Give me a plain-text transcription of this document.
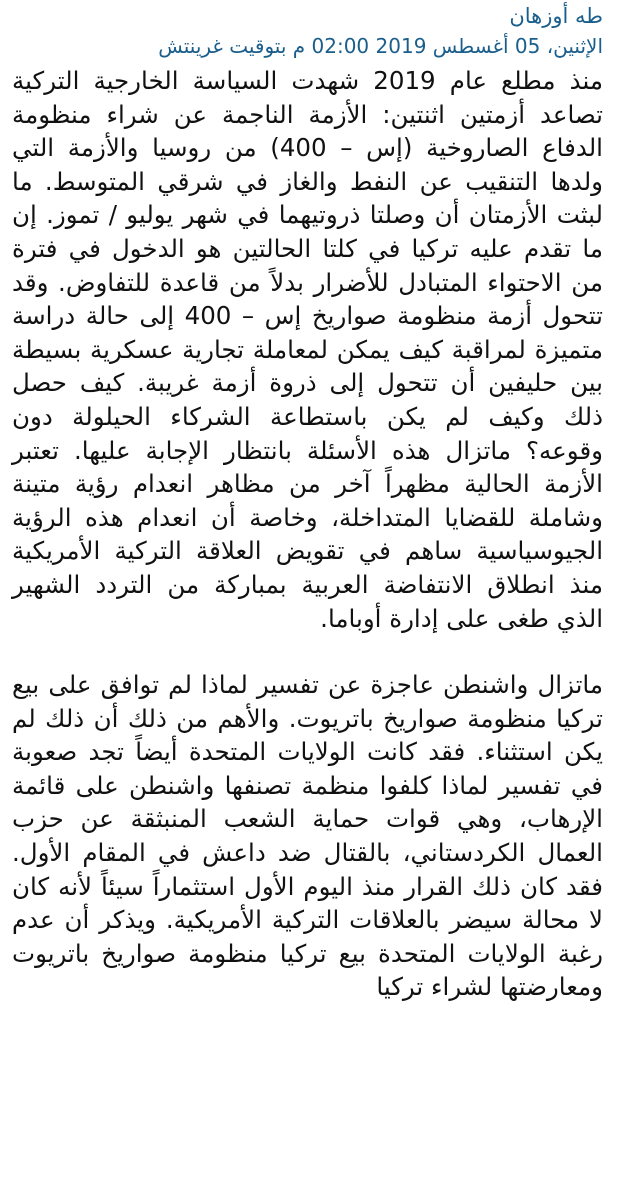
طه أوزهان
الإثنين، 05 أغسطس 2019 02:00 م بتوقيت غرينتش

منذ مطلع عام 2019 شهدت السياسة الخارجية التركية تصاعد أزمتين اثنتين: الأزمة الناجمة عن شراء منظومة الدفاع الصاروخية (إس – 400) من روسيا والأزمة التي ولدها التنقيب عن النفط والغاز في شرقي المتوسط. ما لبثت الأزمتان أن وصلتا ذروتيهما في شهر يوليو / تموز. إن ما تقدم عليه تركيا في كلتا الحالتين هو الدخول في فترة من الاحتواء المتبادل للأضرار بدلاً من قاعدة للتفاوض. وقد تتحول أزمة منظومة صواريخ إس – 400 إلى حالة دراسة متميزة لمراقبة كيف يمكن لمعاملة تجارية عسكرية بسيطة بين حليفين أن تتحول إلى ذروة أزمة غريبة. كيف حصل ذلك وكيف لم يكن باستطاعة الشركاء الحيلولة دون وقوعه؟ ماتزال هذه الأسئلة بانتظار الإجابة عليها. تعتبر الأزمة الحالية مظهراً آخر من مظاهر انعدام رؤية متينة وشاملة للقضايا المتداخلة، وخاصة أن انعدام هذه الرؤية الجيوسياسية ساهم في تقويض العلاقة التركية الأمريكية منذ انطلاق الانتفاضة العربية بمباركة من التردد الشهير الذي طغى على إدارة أوباما.

ماتزال واشنطن عاجزة عن تفسير لماذا لم توافق على بيع تركيا منظومة صواريخ باتريوت. والأهم من ذلك أن ذلك لم يكن استثناء. فقد كانت الولايات المتحدة أيضاً تجد صعوبة في تفسير لماذا كلفوا منظمة تصنفها واشنطن على قائمة الإرهاب، وهي قوات حماية الشعب المنبثقة عن حزب العمال الكردستاني، بالقتال ضد داعش في المقام الأول. فقد كان ذلك القرار منذ اليوم الأول استثماراً سيئاً لأنه كان لا محالة سيضر بالعلاقات التركية الأمريكية. ويذكر أن عدم رغبة الولايات المتحدة بيع تركيا منظومة صواريخ باتريوت ومعارضتها لشراء تركيا
